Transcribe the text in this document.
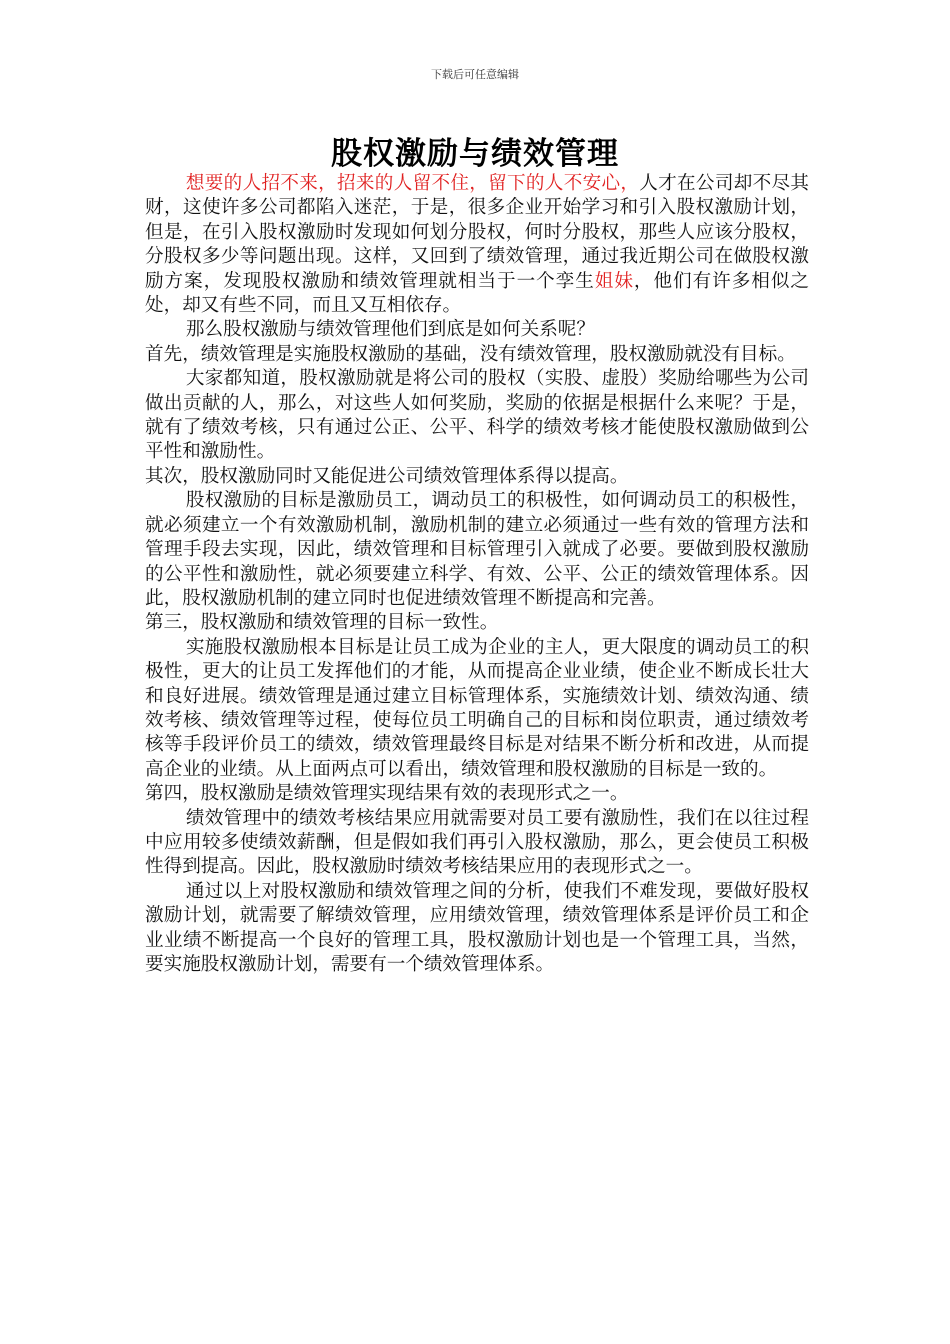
下载后可任意编辑
股权激励与绩效管理

想要的人招不来，招来的人留不住，留下的人不安心，人才在公司却不尽其财，这使许多公司都陷入迷茫，于是，很多企业开始学习和引入股权激励计划，但是，在引入股权激励时发现如何划分股权，何时分股权，那些人应该分股权，分股权多少等问题出现。这样，又回到了绩效管理，通过我近期公司在做股权激励方案，发现股权激励和绩效管理就相当于一个孪生姐妹，他们有许多相似之处，却又有些不同，而且又互相依存。

那么股权激励与绩效管理他们到底是如何关系呢？

首先，绩效管理是实施股权激励的基础，没有绩效管理，股权激励就没有目标。

大家都知道，股权激励就是将公司的股权（实股、虚股）奖励给哪些为公司做出贡献的人，那么，对这些人如何奖励，奖励的依据是根据什么来呢？于是，就有了绩效考核，只有通过公正、公平、科学的绩效考核才能使股权激励做到公平性和激励性。

其次，股权激励同时又能促进公司绩效管理体系得以提高。

股权激励的目标是激励员工，调动员工的积极性，如何调动员工的积极性，就必须建立一个有效激励机制，激励机制的建立必须通过一些有效的管理方法和管理手段去实现，因此，绩效管理和目标管理引入就成了必要。要做到股权激励的公平性和激励性，就必须要建立科学、有效、公平、公正的绩效管理体系。因此，股权激励机制的建立同时也促进绩效管理不断提高和完善。

第三，股权激励和绩效管理的目标一致性。

实施股权激励根本目标是让员工成为企业的主人，更大限度的调动员工的积极性，更大的让员工发挥他们的才能，从而提高企业业绩，使企业不断成长壮大和良好进展。绩效管理是通过建立目标管理体系，实施绩效计划、绩效沟通、绩效考核、绩效管理等过程，使每位员工明确自己的目标和岗位职责，通过绩效考核等手段评价员工的绩效，绩效管理最终目标是对结果不断分析和改进，从而提高企业的业绩。从上面两点可以看出，绩效管理和股权激励的目标是一致的。

第四，股权激励是绩效管理实现结果有效的表现形式之一。

绩效管理中的绩效考核结果应用就需要对员工要有激励性，我们在以往过程中应用较多使绩效薪酬，但是假如我们再引入股权激励，那么，更会使员工积极性得到提高。因此，股权激励时绩效考核结果应用的表现形式之一。

通过以上对股权激励和绩效管理之间的分析，使我们不难发现，要做好股权激励计划，就需要了解绩效管理，应用绩效管理，绩效管理体系是评价员工和企业业绩不断提高一个良好的管理工具，股权激励计划也是一个管理工具，当然，要实施股权激励计划，需要有一个绩效管理体系。
